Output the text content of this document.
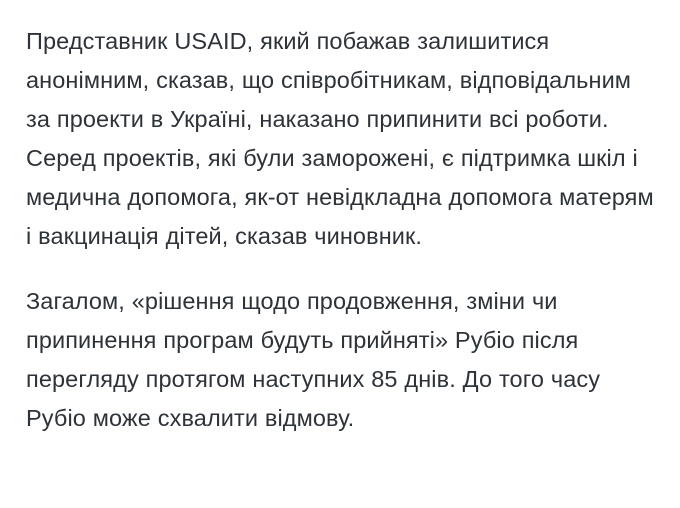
Представник USAID, який побажав залишитися анонімним, сказав, що співробітникам, відповідальним за проекти в Україні, наказано припинити всі роботи. Серед проектів, які були заморожені, є підтримка шкіл і медична допомога, як-от невідкладна допомога матерям і вакцинація дітей, сказав чиновник.

Загалом, «рішення щодо продовження, зміни чи припинення програм будуть прийняті» Рубіо після перегляду протягом наступних 85 днів. До того часу Рубіо може схвалити відмову.
